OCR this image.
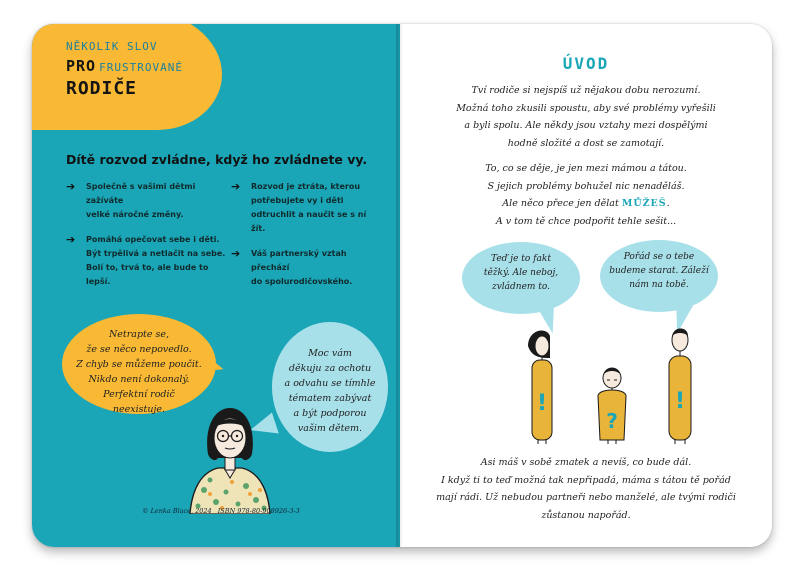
NĚKOLIK SLOV
PRO FRUSTROVANÉ
RODIČE
Dítě rozvod zvládne, když ho zvládnete vy.
➔ Společně s vašimi dětmi zažíváte
velké náročné změny.
➔ Pomáhá opečovat sebe i děti.
Být trpělivá a netlačit na sebe.
Bolí to, trvá to, ale bude to lepší.
➔ Rozvod je ztráta, kterou
potřebujete vy i děti
odtruchlit a naučit se s ní žít.
➔ Váš partnerský vztah přechází
do spolurodičovského.
Netrapte se,
že se něco nepovedlo.
Z chyb se můžeme poučit.
Nikdo není dokonalý.
Perfektní rodič
neexistuje.
Moc vám
děkuju za ochotu
a odvahu se tímhle
tématem zabývat
a být podporou
vašim dětem.
© Lenka Blace, 2024 ISBN 978-80-908926-3-3
ÚVOD
Tví rodiče si nejspíš už nějakou dobu nerozumí.
Možná toho zkusili spoustu, aby své problémy vyřešili
a byli spolu. Ale někdy jsou vztahy mezi dospělými
hodně složité a dost se zamotají.
To, co se děje, je jen mezi mámou a tátou.
S jejich problémy bohužel nic nenaděláš.
Ale něco přece jen dělat MŮŽEŠ.
A v tom tě chce podpořit tehle sešit...
Teď je to fakt
těžký. Ale neboj,
zvládnem to.
Pořád se o tebe
budeme starat. Záleží
nám na tobě.
!
?
!
Asi máš v sobě zmatek a nevíš, co bude dál.
I když ti to teď možná tak nepřipadá, máma s tátou tě pořád
mají rádi. Už nebudou partneři nebo manželé, ale tvými rodiči
zůstanou napořád.
